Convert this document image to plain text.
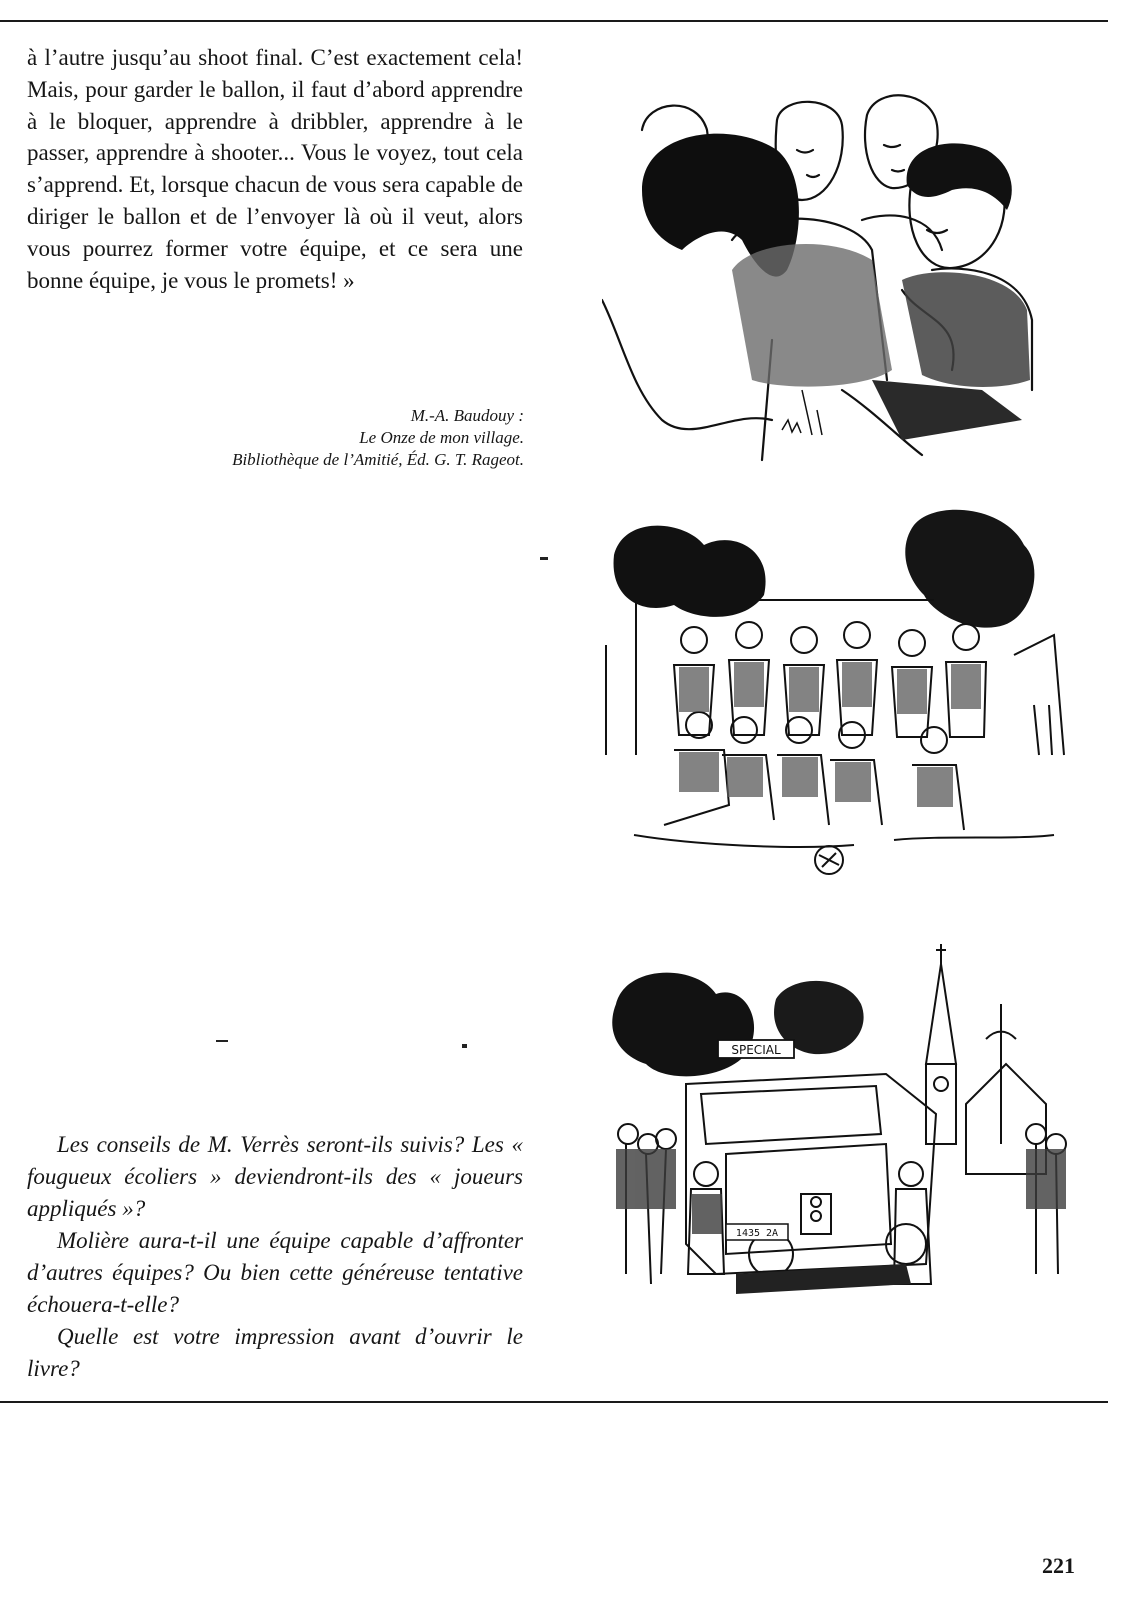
à l’autre jusqu’au shoot final. C’est exactement cela! Mais, pour garder le ballon, il faut d’abord apprendre à le bloquer, apprendre à dribbler, apprendre à le passer, apprendre à shooter... Vous le voyez, tout cela s’apprend. Et, lorsque chacun de vous sera capable de diriger le ballon et de l’envoyer là où il veut, alors vous pourrez former votre équipe, et ce sera une bonne équipe, je vous le promets! »

M.-A. Baudouy :
Le Onze de mon village.
Bibliothèque de l’Amitié, Éd. G. T. Rageot.
SPECIAL
1435 2A

Les conseils de M. Verrès seront-ils suivis? Les « fougueux écoliers » deviendront-ils des « joueurs appliqués »?

Molière aura-t-il une équipe capable d’affronter d’autres équipes? Ou bien cette généreuse tentative échouera-t-elle?

Quelle est votre impression avant d’ouvrir le livre?

221
